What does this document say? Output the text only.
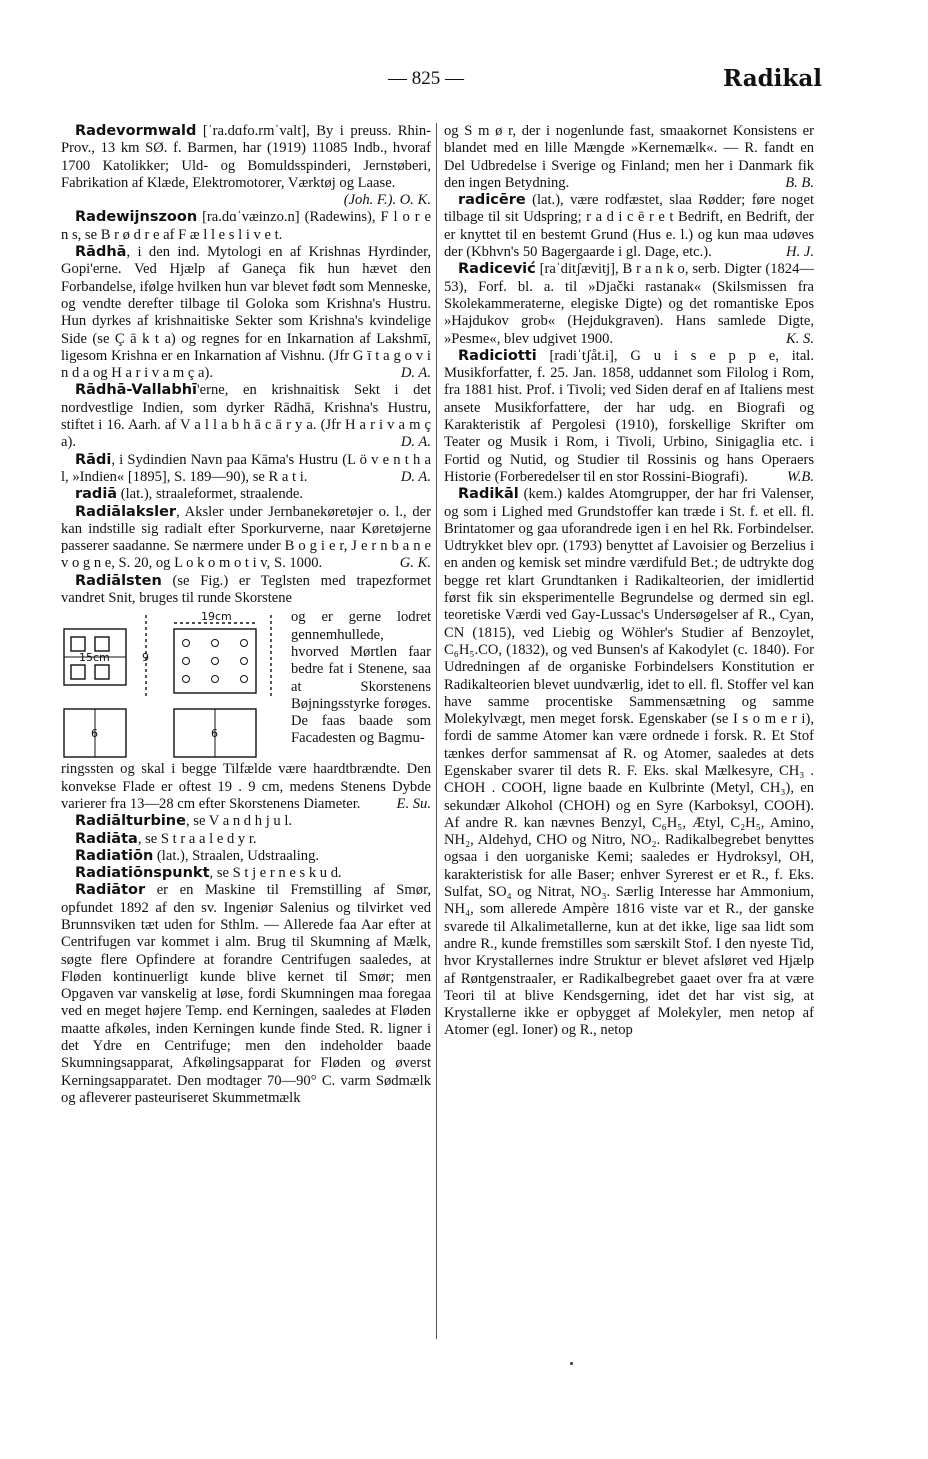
— 825 —	Radikal

Radevormwald [ˈra.dɑfo.rmˈvalt], By i preuss. Rhin-Prov., 13 km SØ. f. Barmen, har (1919) 11085 Indb., hvoraf 1700 Katolikker; Uld- og Bomuldsspinderi, Jernstøberi, Fabrikation af Klæde, Elektromotorer, Værktøj og Laase.

(Joh. F.). O. K.

Radewijnszoon [ra.dɑˈvæinzo.n] (Radewins), F l o r e n s, se B r ø d r e af F æ l l e s l i v e t.

Rādhā, i den ind. Mytologi en af Krishnas Hyrdinder, Gopi'erne. Ved Hjælp af Ganeça fik hun hævet den Forbandelse, ifølge hvilken hun var blevet født som Menneske, og vendte derefter tilbage til Goloka som Krishna's Hustru. Hun dyrkes af krishnaitiske Sekter som Krishna's kvindelige Side (se Ç ā k t a) og regnes for en Inkarnation af Lakshmī, ligesom Krishna er en Inkarnation af Vishnu. (Jfr G ī t a g o v i n d a og H a r i v a m ç a).	D. A.

Rādhā-Vallabhī'erne, en krishnaitisk Sekt i det nordvestlige Indien, som dyrker Rādhā, Krishna's Hustru, stiftet i 16. Aarh. af V a l l a b h ā c ā r y a. (Jfr H a r i v a m ç a).	D. A.

Rādi, i Sydindien Navn paa Kāma's Hustru (L ö v e n t h a l, »Indien« [1895], S. 189—90), se R a t i.	D. A.

radiā (lat.), straaleformet, straalende.

Radiālaksler, Aksler under Jernbanekøretøjer o. l., der kan indstille sig radialt efter Sporkurverne, naar Køretøjerne passerer saadanne. Se nærmere under B o g i e r, J e r n b a n e v o g n e, S. 20, og L o k o m o t i v, S. 1000.	G. K.

Radiālsten (se Fig.) er Teglsten med trapezformet vandret Snit, bruges til runde Skorstene

19cm
15cm	9
6	6
og er gerne lodret gennemhullede, hvorved Mørtlen faar bedre fat i Stenene, saa at Skorstenens Bøjningsstyrke forøges. De faas baade som Facadesten og Bagmu-

ringssten og skal i begge Tilfælde være haardtbrændte. Den konvekse Flade er oftest 19 . 9 cm, medens Stenens Dybde varierer fra 13—28 cm efter Skorstenens Diameter. E. Su.

Radiālturbine, se V a n d h j u l.

Radiāta, se S t r a a l e d y r.

Radiatiōn (lat.), Straalen, Udstraaling.

Radiatiōnspunkt, se S t j e r n e s k u d.

Radiātor er en Maskine til Fremstilling af Smør, opfundet 1892 af den sv. Ingeniør Salenius og tilvirket ved Brunnsviken tæt uden for Sthlm. — Allerede faa Aar efter at Centrifugen var kommet i alm. Brug til Skumning af Mælk, søgte flere Opfindere at forandre Centrifugen saaledes, at Fløden kontinuerligt kunde blive kernet til Smør; men Opgaven var vanskelig at løse, fordi Skumningen maa foregaa ved en meget højere Temp. end Kerningen, saaledes at Fløden maatte afkøles, inden Kerningen kunde finde Sted. R. ligner i det Ydre en Centrifuge; men den indeholder baade Skumningsapparat, Afkølingsapparat for Fløden og øverst Kerningsapparatet. Den modtager 70—90° C. varm Sødmælk og afleverer pasteuriseret Skummetmælk

og S m ø r, der i nogenlunde fast, smaakornet Konsistens er blandet med en lille Mængde »Kernemælk«. — R. fandt en Del Udbredelse i Sverige og Finland; men her i Danmark fik den ingen Betydning.	B. B.

radicēre (lat.), være rodfæstet, slaa Rødder; føre noget tilbage til sit Udspring; r a d i c ē r e t Bedrift, en Bedrift, der er knyttet til en bestemt Grund (Hus e. l.) og kun maa udøves der (Kbhvn's 50 Bagergaarde i gl. Dage, etc.).	H. J.

Radicević [raˈditʃævitj], B r a n k o, serb. Digter (1824—53), Forf. bl. a. til »Djački rastanak« (Skilsmissen fra Skolekammeraterne, elegiske Digte) og det romantiske Epos »Hajdukov grob« (Hejdukgraven). Hans samlede Digte, »Pesme«, blev udgivet 1900.	K. S.

Radiciotti [radiˈtʃåt.i], G u i s e p p e, ital. Musikforfatter, f. 25. Jan. 1858, uddannet som Filolog i Rom, fra 1881 hist. Prof. i Tivoli; ved Siden deraf en af Italiens mest ansete Musikforfattere, der har udg. en Biografi og Karakteristik af Pergolesi (1910), forskellige Skrifter om Teater og Musik i Rom, i Tivoli, Urbino, Sinigaglia etc. i Fortid og Nutid, og Studier til Rossinis og hans Operaers Historie (Forberedelser til en stor Rossini-Biografi).	W.B.

Radikāl (kem.) kaldes Atomgrupper, der har fri Valenser, og som i Lighed med Grundstoffer kan træde i St. f. et ell. fl. Brintatomer og gaa uforandrede igen i en hel Rk. Forbindelser. Udtrykket blev opr. (1793) benyttet af Lavoisier og Berzelius i en anden og kemisk set mindre værdifuld Bet.; de udtrykte dog begge ret klart Grundtanken i Radikalteorien, der imidlertid først fik sin eksperimentelle Begrundelse og dermed sin egl. teoretiske Værdi ved Gay-Lussac's Undersøgelser af R., Cyan, CN (1815), ved Liebig og Wöhler's Studier af Benzoylet, C₆H₅.CO, (1832), og ved Bunsen's af Kakodylet (c. 1840). For Udredningen af de organiske Forbindelsers Konstitution er Radikalteorien blevet uundværlig, idet to ell. fl. Stoffer vel kan have samme procentiske Sammensætning og samme Molekylvægt, men meget forsk. Egenskaber (se I s o m e r i), fordi de samme Atomer kan være ordnede i forsk. R. Et Stof tænkes derfor sammensat af R. og Atomer, saaledes at dets Egenskaber svarer til dets R. F. Eks. skal Mælkesyre, CH₃ . CHOH . COOH, ligne baade en Kulbrinte (Metyl, CH₃), en sekundær Alkohol (CHOH) og en Syre (Karboksyl, COOH). Af andre R. kan nævnes Benzyl, C₆H₅, Ætyl, C₂H₅, Amino, NH₂, Aldehyd, CHO og Nitro, NO₂. Radikalbegrebet benyttes ogsaa i den uorganiske Kemi; saaledes er Hydroksyl, OH, karakteristisk for alle Baser; enhver Syrerest er et R., f. Eks. Sulfat, SO₄ og Nitrat, NO₃. Særlig Interesse har Ammonium, NH₄, som allerede Ampère 1816 viste var et R., der ganske svarede til Alkalimetallerne, kun at det ikke, lige saa lidt som andre R., kunde fremstilles som særskilt Stof. I den nyeste Tid, hvor Krystallernes indre Struktur er blevet afsløret ved Hjælp af Røntgenstraaler, er Radikalbegrebet gaaet over fra at være Teori til at blive Kendsgerning, idet det har vist sig, at Krystallerne ikke er opbygget af Molekyler, men netop af Atomer (egl. Ioner) og R., netop
